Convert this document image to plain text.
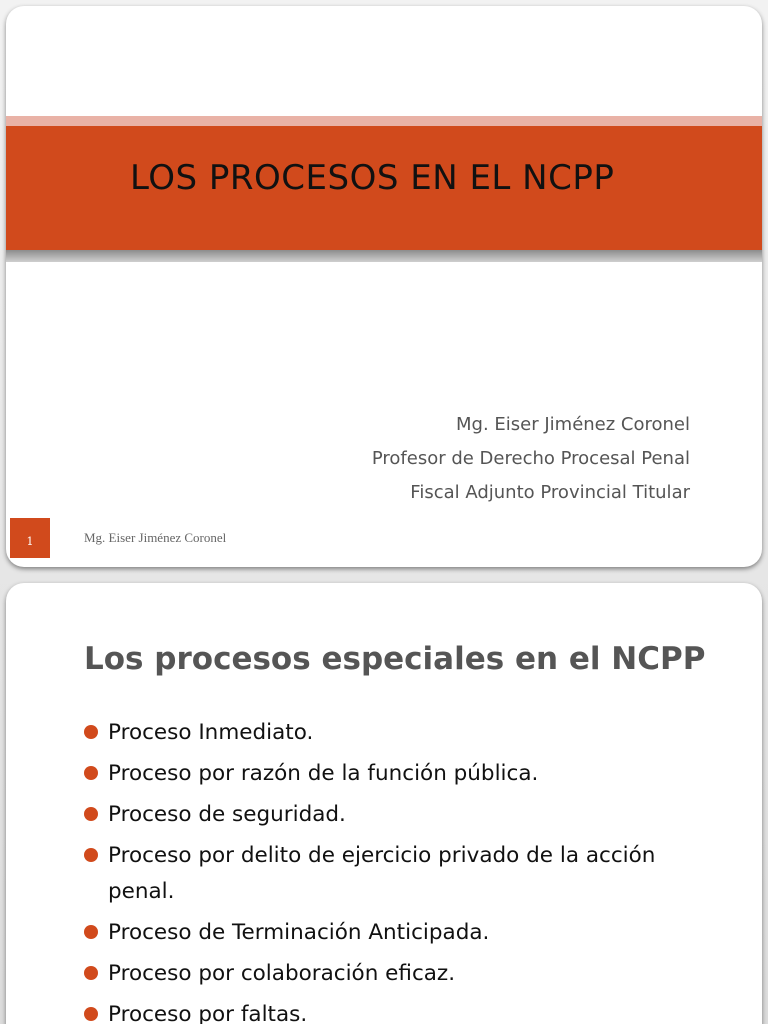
LOS PROCESOS EN EL NCPP
Mg. Eiser Jiménez Coronel
Profesor de Derecho Procesal Penal
Fiscal Adjunto Provincial Titular
1	Mg. Eiser Jiménez Coronel
Los procesos especiales en el NCPP
Proceso Inmediato.
Proceso por razón de la función pública.
Proceso de seguridad.
Proceso por delito de ejercicio privado de la acción penal.
Proceso de Terminación Anticipada.
Proceso por colaboración eficaz.
Proceso por faltas.
